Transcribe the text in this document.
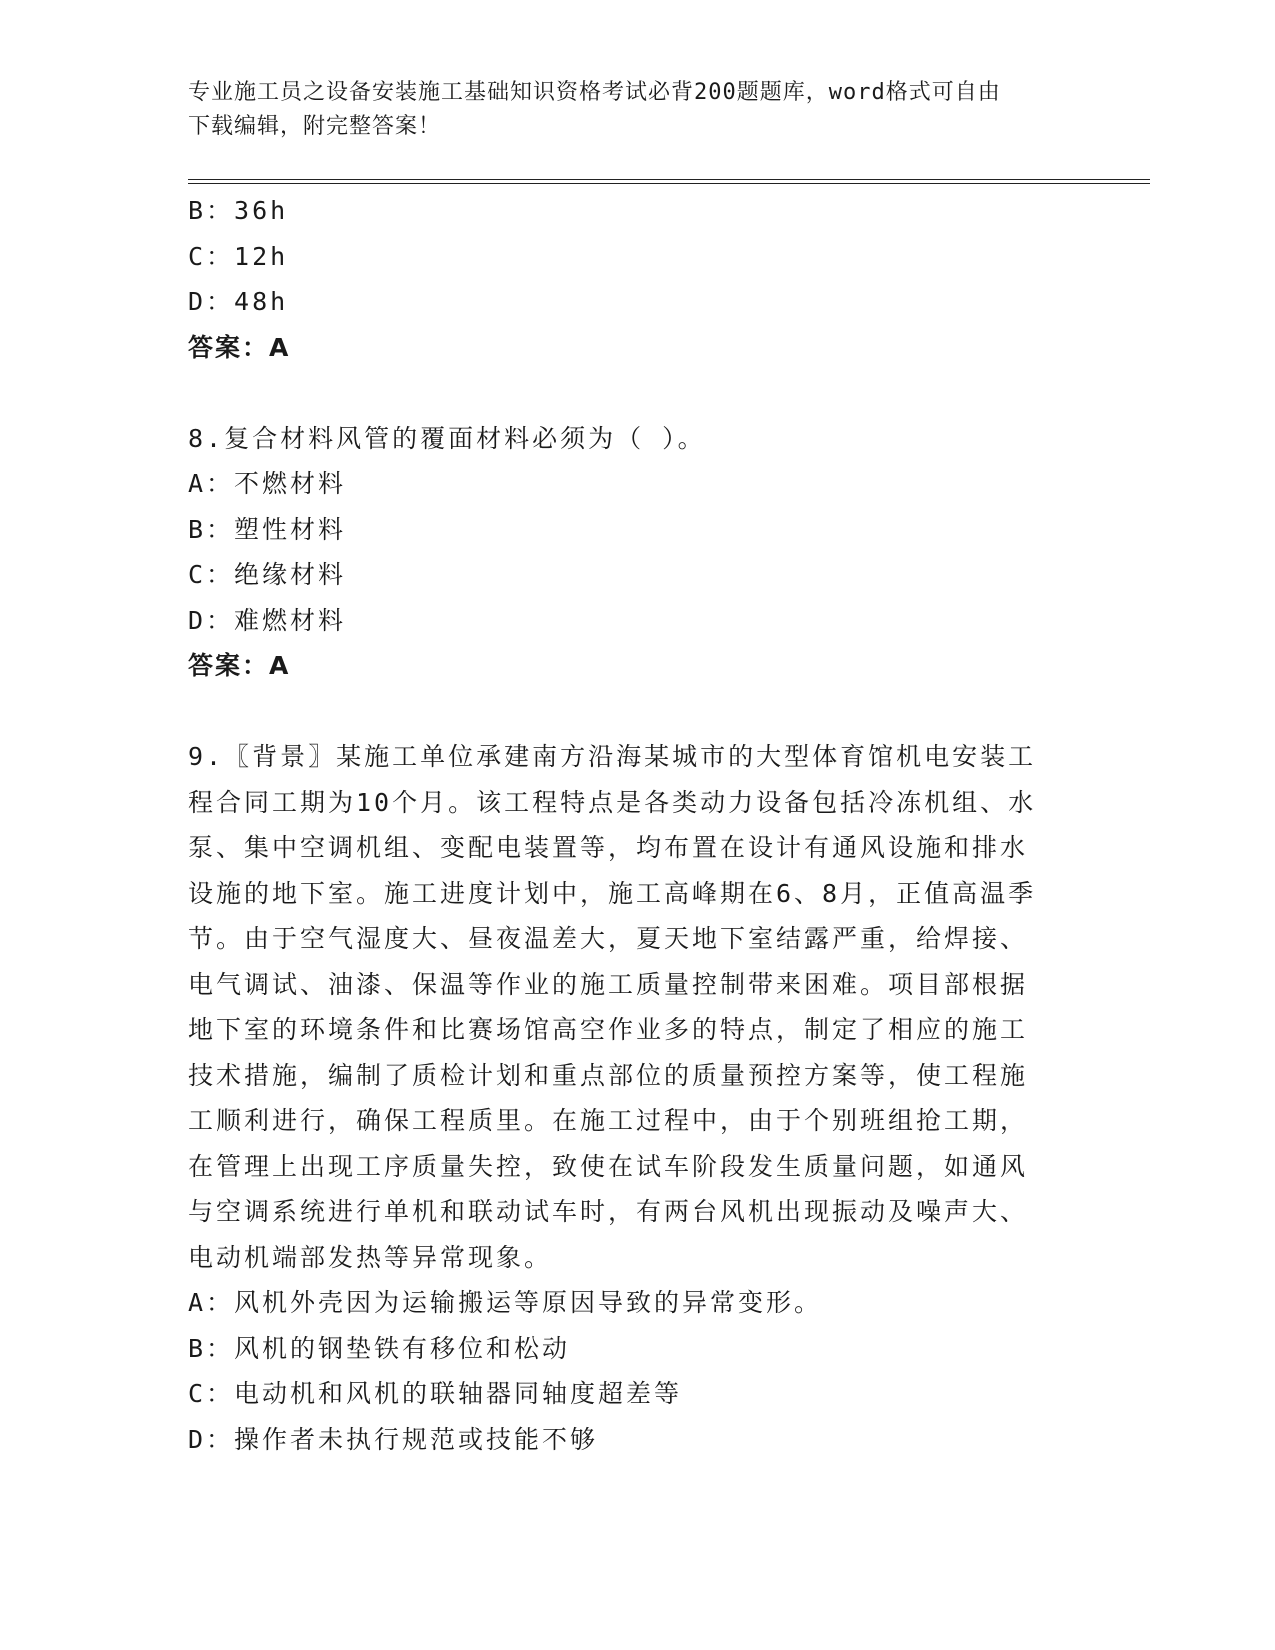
专业施工员之设备安装施工基础知识资格考试必背200题题库，word格式可自由
下载编辑，附完整答案！
B：36h
C：12h
D：48h
答案：A
8.复合材料风管的覆面材料必须为（ ）。
A：不燃材料
B：塑性材料
C：绝缘材料
D：难燃材料
答案：A
9.〖背景〗某施工单位承建南方沿海某城市的大型体育馆机电安装工
程合同工期为10个月。该工程特点是各类动力设备包括冷冻机组、水
泵、集中空调机组、变配电装置等，均布置在设计有通风设施和排水
设施的地下室。施工进度计划中，施工高峰期在6、8月，正值高温季
节。由于空气湿度大、昼夜温差大，夏天地下室结露严重，给焊接、
电气调试、油漆、保温等作业的施工质量控制带来困难。项目部根据
地下室的环境条件和比赛场馆高空作业多的特点，制定了相应的施工
技术措施，编制了质检计划和重点部位的质量预控方案等，使工程施
工顺利进行，确保工程质里。在施工过程中，由于个别班组抢工期，
在管理上出现工序质量失控，致使在试车阶段发生质量问题，如通风
与空调系统进行单机和联动试车时，有两台风机出现振动及噪声大、
电动机端部发热等异常现象。
A：风机外壳因为运输搬运等原因导致的异常变形。
B：风机的钢垫铁有移位和松动
C：电动机和风机的联轴器同轴度超差等
D：操作者未执行规范或技能不够
